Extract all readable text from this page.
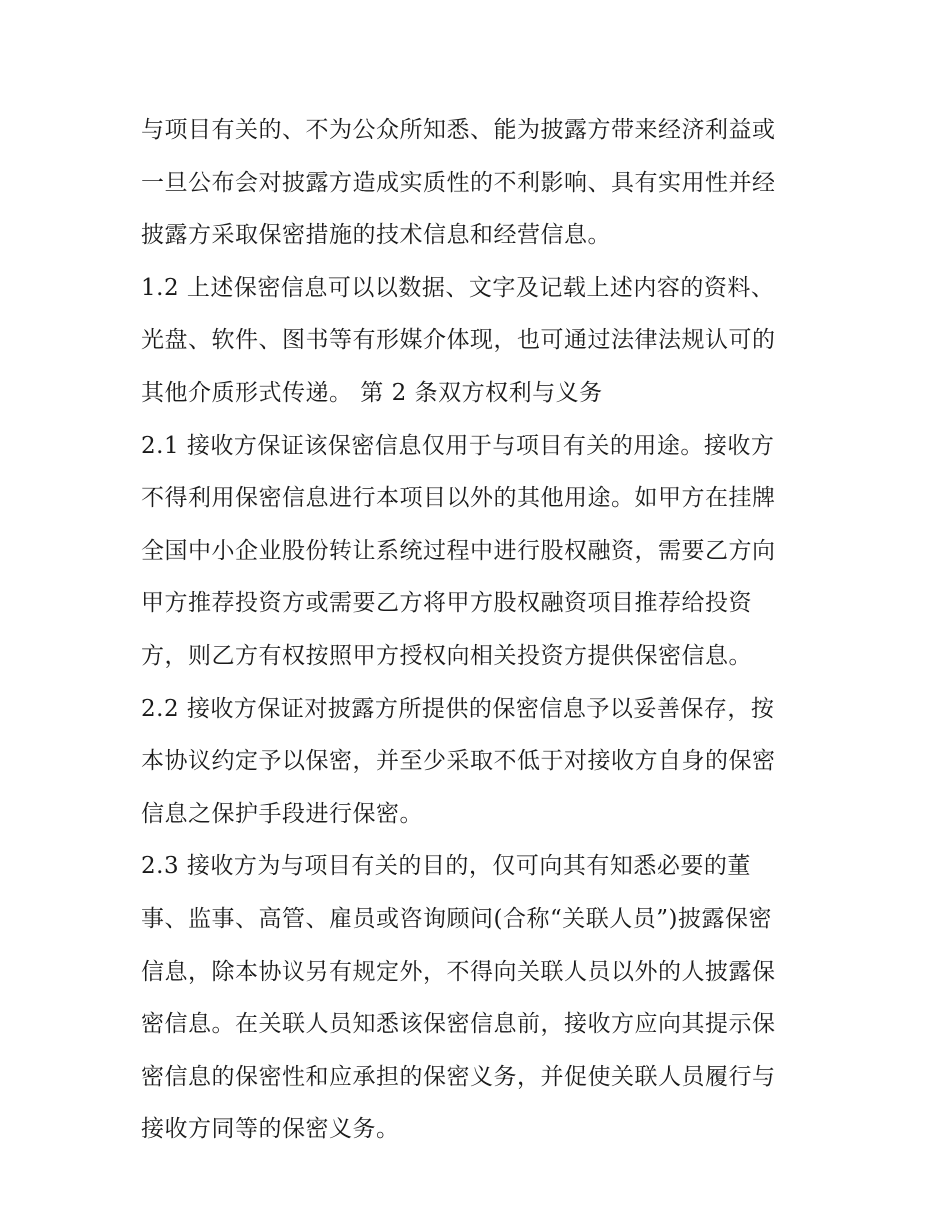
与项目有关的、不为公众所知悉、能为披露方带来经济利益或
一旦公布会对披露方造成实质性的不利影响、具有实用性并经
披露方采取保密措施的技术信息和经营信息。
1.2 上述保密信息可以以数据、文字及记载上述内容的资料、
光盘、软件、图书等有形媒介体现，也可通过法律法规认可的
其他介质形式传递。 第 2 条双方权利与义务
2.1 接收方保证该保密信息仅用于与项目有关的用途。接收方
不得利用保密信息进行本项目以外的其他用途。如甲方在挂牌
全国中小企业股份转让系统过程中进行股权融资，需要乙方向
甲方推荐投资方或需要乙方将甲方股权融资项目推荐给投资
方，则乙方有权按照甲方授权向相关投资方提供保密信息。
2.2 接收方保证对披露方所提供的保密信息予以妥善保存，按
本协议约定予以保密，并至少采取不低于对接收方自身的保密
信息之保护手段进行保密。
2.3 接收方为与项目有关的目的，仅可向其有知悉必要的董
事、监事、高管、雇员或咨询顾问(合称“关联人员”)披露保密
信息，除本协议另有规定外，不得向关联人员以外的人披露保
密信息。在关联人员知悉该保密信息前，接收方应向其提示保
密信息的保密性和应承担的保密义务，并促使关联人员履行与
接收方同等的保密义务。
